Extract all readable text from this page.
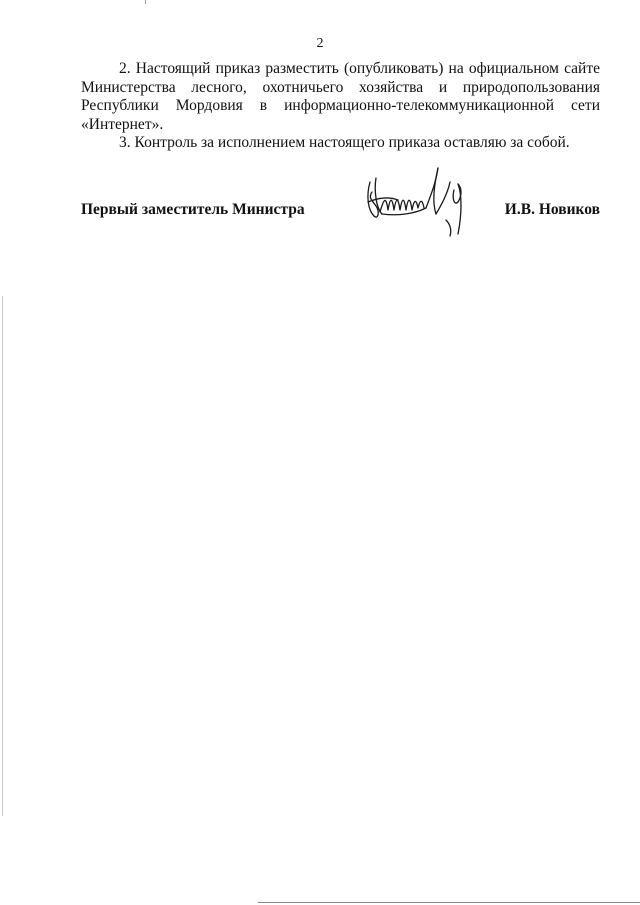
2

2. Настоящий приказ разместить (опубликовать) на официальном сайте Министерства лесного, охотничьего хозяйства и природопользования Республики Мордовия в информационно-телекоммуникационной сети

«Интернет».

3. Контроль за исполнением настоящего приказа оставляю за собой.

Первый заместитель Министра	И.В. Новиков
